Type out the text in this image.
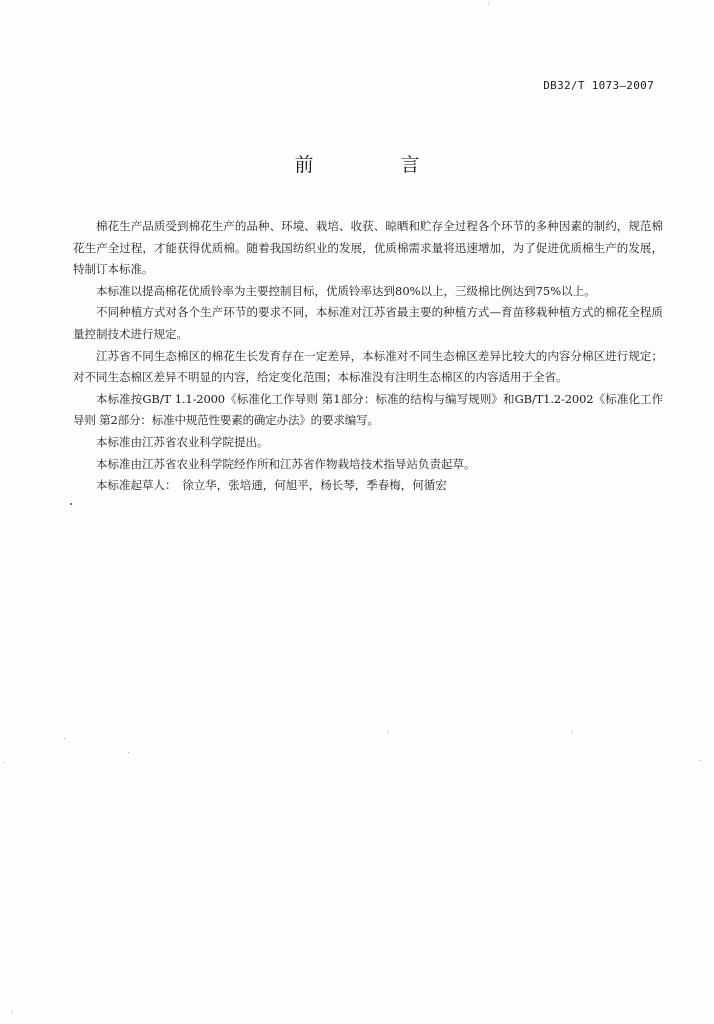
DB32/T 1073—2007
前　言

棉花生产品质受到棉花生产的品种、环境、栽培、收获、晾晒和贮存全过程各个环节的多种因素的制约，规范棉花生产全过程，才能获得优质棉。随着我国纺织业的发展，优质棉需求量将迅速增加，为了促进优质棉生产的发展，特制订本标准。

本标准以提高棉花优质铃率为主要控制目标，优质铃率达到80%以上，三级棉比例达到75%以上。

不同种植方式对各个生产环节的要求不同，本标准对江苏省最主要的种植方式—育苗移栽种植方式的棉花全程质量控制技术进行规定。

江苏省不同生态棉区的棉花生长发育存在一定差异，本标准对不同生态棉区差异比较大的内容分棉区进行规定；对不同生态棉区差异不明显的内容，给定变化范围；本标准没有注明生态棉区的内容适用于全省。

本标准按GB/T 1.1-2000《标准化工作导则 第1部分：标准的结构与编写规则》和GB/T1.2-2002《标准化工作导则 第2部分：标准中规范性要素的确定办法》的要求编写。

本标准由江苏省农业科学院提出。

本标准由江苏省农业科学院经作所和江苏省作物栽培技术指导站负责起草。

本标准起草人：　徐立华，张培通，何旭平，杨长琴，季春梅，何循宏
